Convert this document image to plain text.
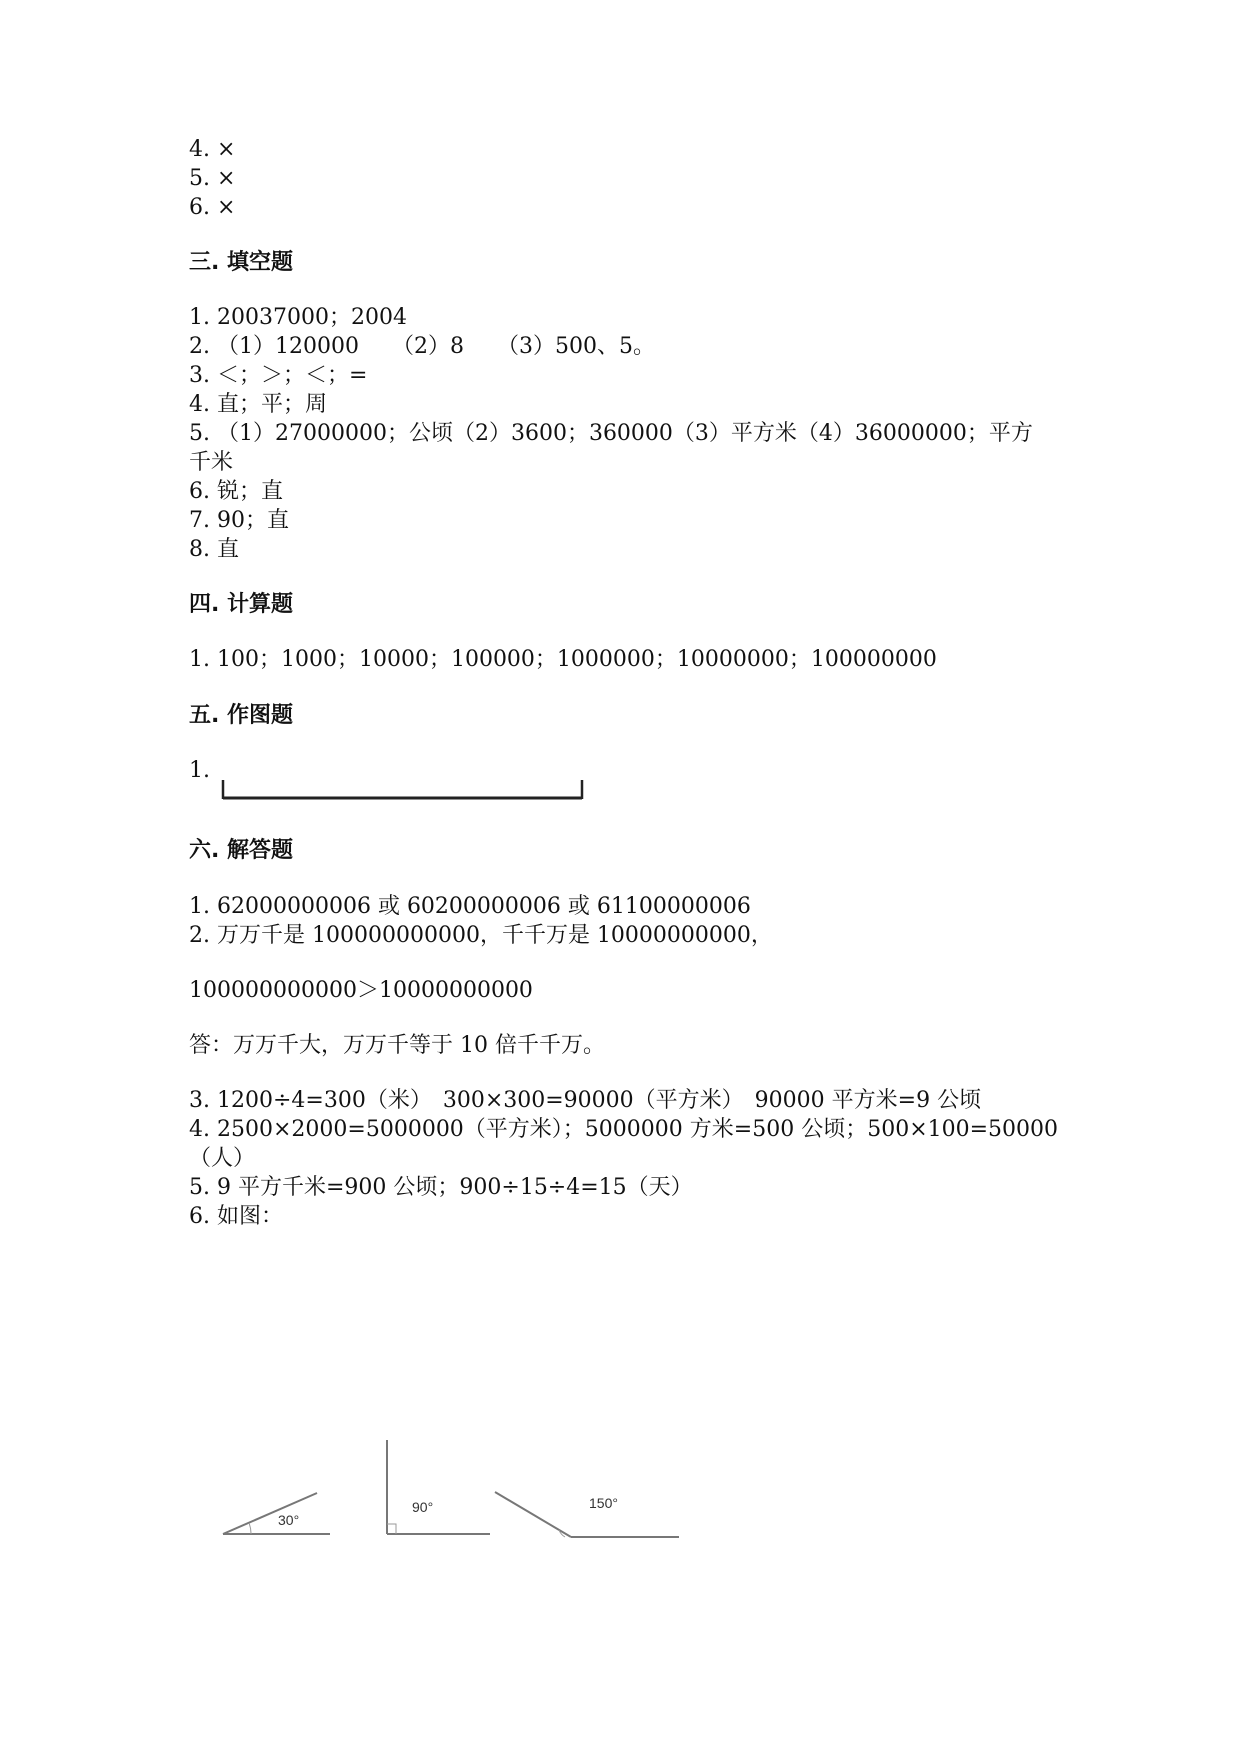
4. ×
5. ×
6. ×
三. 填空题
1. 20037000；2004
2. （1）120000　　（2）8　　（3）500、5。
3. ＜；＞；＜；=
4. 直；平；周
5. （1）27000000；公顷（2）3600；360000（3）平方米（4）36000000；平方
千米
6. 锐；直
7. 90；直
8. 直
四. 计算题
1. 100；1000；10000；100000；1000000；10000000；100000000
五. 作图题
1.
六. 解答题
1. 62000000006 或 60200000006 或 61100000006
2. 万万千是 100000000000，千千万是 10000000000，
100000000000＞10000000000
答：万万千大，万万千等于 10 倍千千万。
3. 1200÷4=300（米）　300×300=90000（平方米）　90000 平方米=9 公顷
4. 2500×2000=5000000（平方米）；5000000 方米=500 公顷；500×100=50000
（人）
5. 9 平方千米=900 公顷；900÷15÷4=15（天）
6. 如图：
30°
90°	150°
